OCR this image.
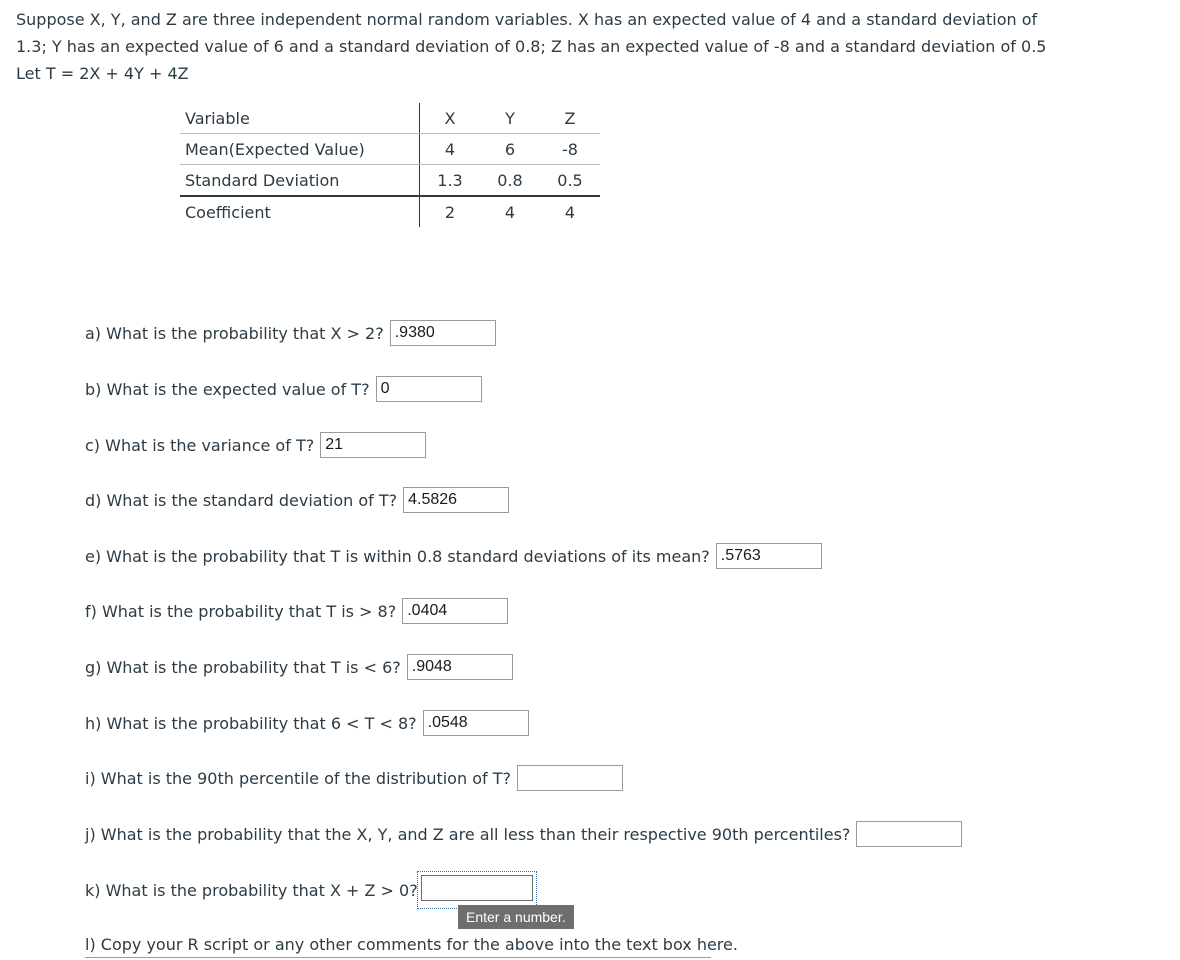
Suppose X, Y, and Z are three independent normal random variables. X has an expected value of 4 and a standard deviation of
1.3; Y has an expected value of 6 and a standard deviation of 0.8; Z has an expected value of -8 and a standard deviation of 0.5
Let T = 2X + 4Y + 4Z
Variable	X	Y	Z
Mean(Expected Value)	4	6	-8
Standard Deviation	1.3	0.8	0.5
Coefficient	2	4	4
a) What is the probability that X > 2? .9380
b) What is the expected value of T? 0
c) What is the variance of T? 21
d) What is the standard deviation of T? 4.5826
e) What is the probability that T is within 0.8 standard deviations of its mean? .5763
f) What is the probability that T is > 8? .0404
g) What is the probability that T is < 6? .9048
h) What is the probability that 6 < T < 8? .0548
i) What is the 90th percentile of the distribution of T?
j) What is the probability that the X, Y, and Z are all less than their respective 90th percentiles?
k) What is the probability that X + Z > 0?
Enter a number.
l) Copy your R script or any other comments for the above into the text box here.
